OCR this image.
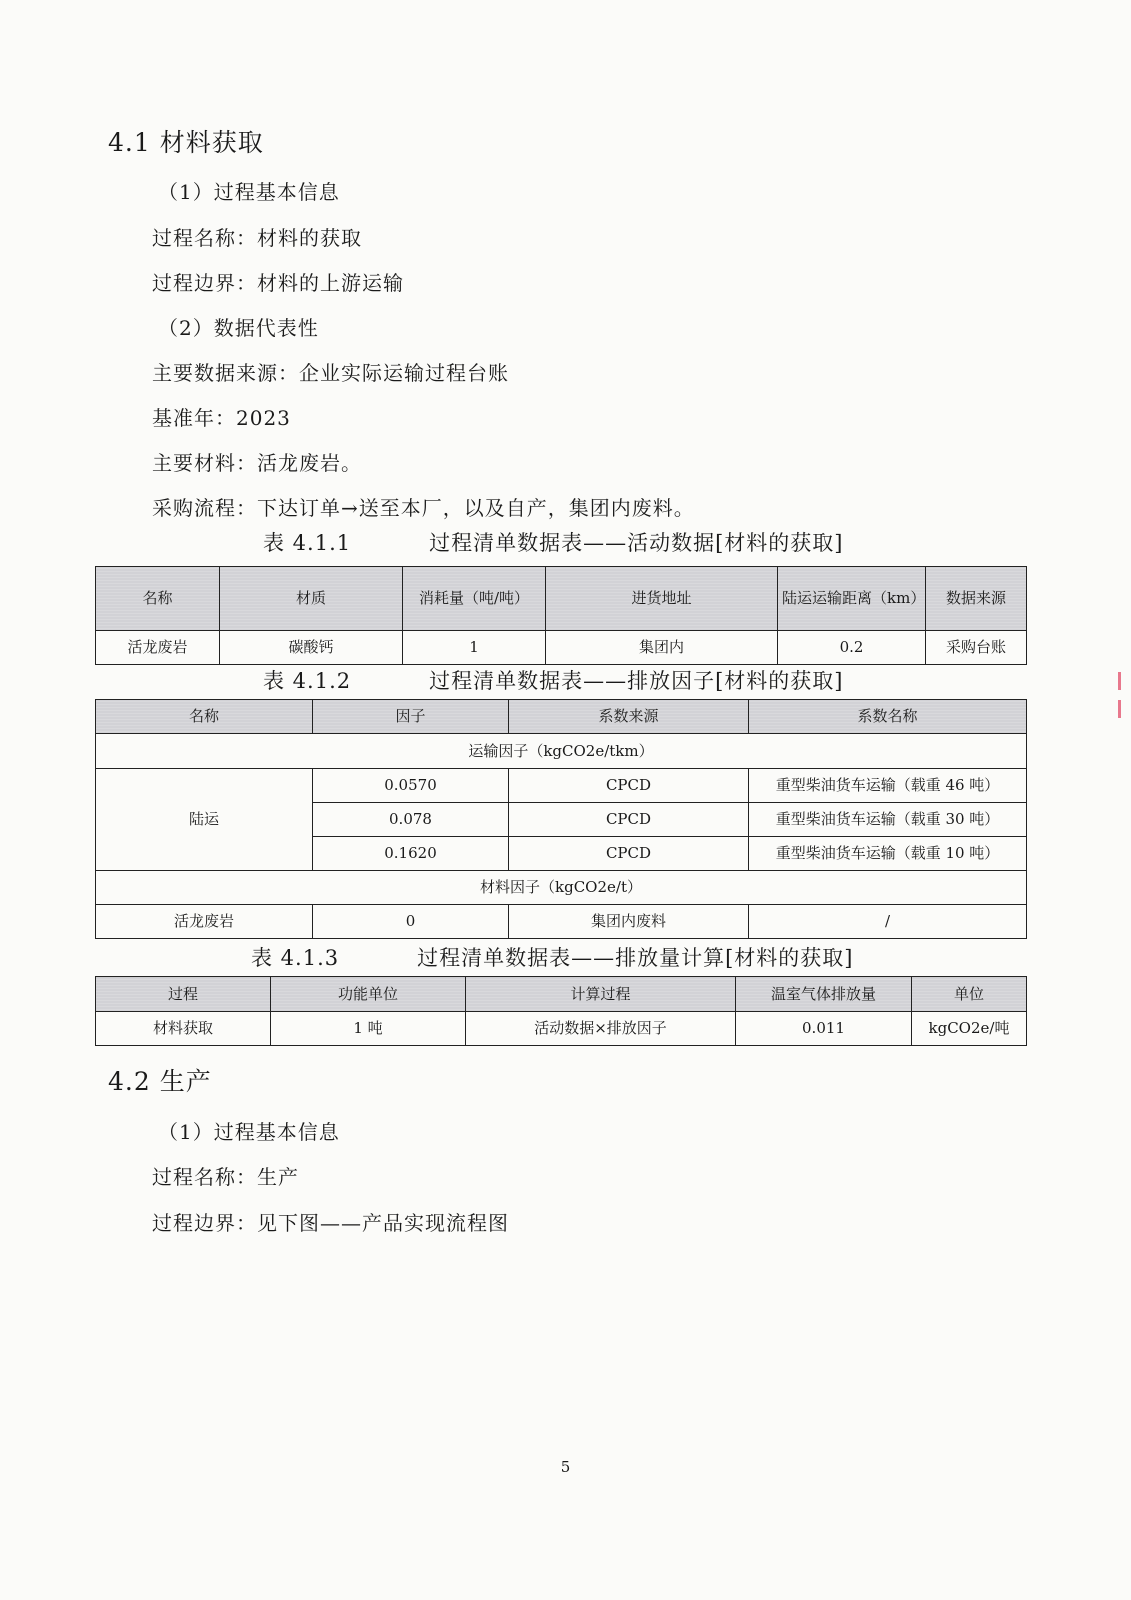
4.1 材料获取
（1）过程基本信息
过程名称：材料的获取
过程边界：材料的上游运输
（2）数据代表性
主要数据来源：企业实际运输过程台账
基准年：2023
主要材料：活龙废岩。
采购流程：下达订单→送至本厂，以及自产，集团内废料。
表 4.1.1	过程清单数据表——活动数据[材料的获取]
名称	材质	消耗量（吨/吨）	进货地址	陆运运输距离（km）	数据来源
活龙废岩	碳酸钙	1	集团内	0.2	采购台账
表 4.1.2	过程清单数据表——排放因子[材料的获取]
名称	因子	系数来源	系数名称
运输因子（kgCO2e/tkm）			
陆运	0.0570	CPCD	重型柴油货车运输（载重 46 吨）
	0.078	CPCD	重型柴油货车运输（载重 30 吨）
	0.1620	CPCD	重型柴油货车运输（载重 10 吨）
材料因子（kgCO2e/t）			
活龙废岩	0	集团内废料	/
表 4.1.3	过程清单数据表——排放量计算[材料的获取]
过程	功能单位	计算过程	温室气体排放量	单位
材料获取	1 吨	活动数据×排放因子	0.011	kgCO2e/吨
4.2 生产
（1）过程基本信息
过程名称：生产
过程边界：见下图——产品实现流程图
5
